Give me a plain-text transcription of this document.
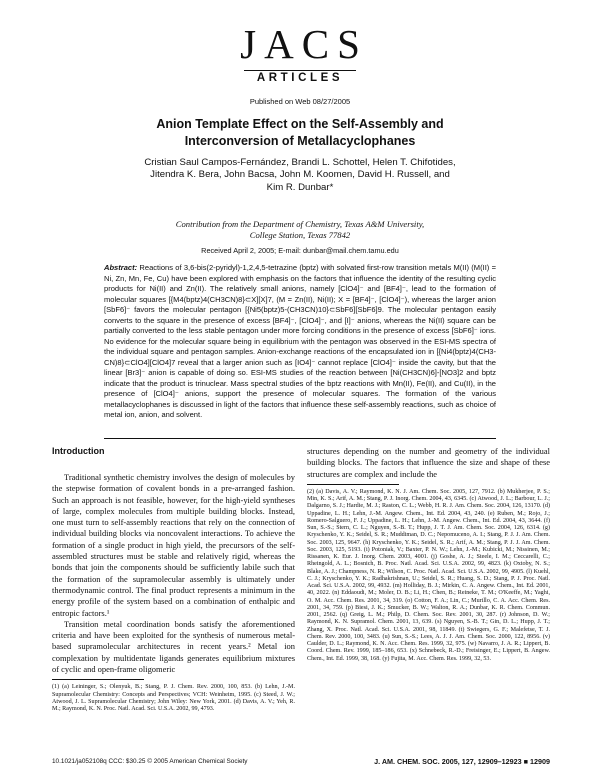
J A C S
ARTICLES
Published on Web 08/27/2005
Anion Template Effect on the Self-Assembly and
Interconversion of Metallacyclophanes
Cristian Saul Campos-Fernández, Brandi L. Schottel, Helen T. Chifotides,
Jitendra K. Bera, John Bacsa, John M. Koomen, David H. Russell, and
Kim R. Dunbar*
Contribution from the Department of Chemistry, Texas A&M University,
College Station, Texas 77842
Received April 2, 2005; E-mail: dunbar@mail.chem.tamu.edu
Abstract: Reactions of 3,6-bis(2-pyridyl)-1,2,4,5-tetrazine (bptz) with solvated first-row transition metals M(II) (M(II) = Ni, Zn, Mn, Fe, Cu) have been explored with emphasis on the factors that influence the identity of the resulting cyclic products for Ni(II) and Zn(II). The relatively small anions, namely [ClO4]⁻ and [BF4]⁻, lead to the formation of molecular squares [{M4(bptz)4(CH3CN)8}⊂X][X]7, (M = Zn(II), Ni(II); X = [BF4]⁻, [ClO4]⁻), whereas the larger anion [SbF6]⁻ favors the molecular pentagon [{Ni5(bptz)5-(CH3CN)10}⊂SbF6][SbF6]9. The molecular pentagon easily converts to the square in the presence of excess [BF4]⁻, [ClO4]⁻, and [I]⁻ anions, whereas the Ni(II) square can be partially converted to the less stable pentagon under more forcing conditions in the presence of excess [SbF6]⁻ ions. No evidence for the molecular square being in equilibrium with the pentagon was observed in the ESI-MS spectra of the individual square and pentagon samples. Anion-exchange reactions of the encapsulated ion in [{Ni4(bptz)4(CH3-CN)8}⊂ClO4][ClO4]7 reveal that a larger anion such as [IO4]⁻ cannot replace [ClO4]⁻ inside the cavity, but that the linear [Br3]⁻ anion is capable of doing so. ESI-MS studies of the reaction between [Ni(CH3CN)6]-[NO3]2 and bptz indicate that the product is trinuclear. Mass spectral studies of the bptz reactions with Mn(II), Fe(II), and Cu(II), in the presence of [ClO4]⁻ anions, support the presence of molecular squares. The formation of the various metallacyclophanes is discussed in light of the factors that influence these self-assembly reactions, such as choice of metal ion, anion, and solvent.
Introduction

Traditional synthetic chemistry involves the design of molecules by the stepwise formation of covalent bonds in a pre-arranged fashion. Such an approach is not feasible, however, for the high-yield syntheses of large, complex molecules from multiple building blocks. Instead, one must turn to self-assembly reactions that rely on the connection of individual building blocks via noncovalent interactions. To achieve the formation of a single product in high yield, the precursors of the self-assembled structures must be stable and relatively rigid, whereas the bonds that join the components should be sufficiently labile such that the formation of the supramolecular assembly is ultimately under thermodynamic control. The final product represents a minimum in the energy profile of the system based on a combination of enthalpic and entropic factors.¹

Transition metal coordination bonds satisfy the aforementioned criteria and have been exploited for the synthesis of numerous metal-based supramolecular architectures in recent years.² Metal ion complexation by multidentate ligands generates equilibrium mixtures of cyclic and open-frame oligomeric

(1) (a) Leininger, S.; Olenyuk, B.; Stang, P. J. Chem. Rev. 2000, 100, 853. (b) Lehn, J.-M. Supramolecular Chemistry: Concepts and Perspectives; VCH: Weinheim, 1995. (c) Steed, J. W.; Atwood, J. L. Supramolecular Chemistry; John Wiley: New York, 2001. (d) Davis, A. V.; Yeh, R. M.; Raymond, K. N. Proc. Natl. Acad. Sci. U.S.A. 2002, 99, 4793.

structures depending on the number and geometry of the individual building blocks. The factors that influence the size and shape of these structures are complex and include the

(2) (a) Davis, A. V.; Raymond, K. N. J. Am. Chem. Soc. 2005, 127, 7912. (b) Mukherjee, P. S.; Min, K. S.; Arif, A. M.; Stang, P. J. Inorg. Chem. 2004, 43, 6345. (c) Atwood, J. L.; Barbour, L. J.; Dalgarno, S. J.; Hardie, M. J.; Raston, C. L.; Webb, H. R. J. Am. Chem. Soc. 2004, 126, 13170. (d) Uppadine, L. H.; Lehn, J.-M. Angew. Chem., Int. Ed. 2004, 43, 240. (e) Ruben, M.; Rojo, J.; Romero-Salguero, F. J.; Uppadine, L. H.; Lehn, J.-M. Angew. Chem., Int. Ed. 2004, 43, 3644. (f) Sun, S.-S.; Stern, C. L.; Nguyen, S.-B. T.; Hupp, J. T. J. Am. Chem. Soc. 2004, 126, 6314. (g) Kryschenko, Y. K.; Seidel, S. R.; Muddiman, D. C.; Nepomuceno, A. I.; Stang, P. J. J. Am. Chem. Soc. 2003, 125, 9647. (h) Kryschenko, Y. K.; Seidel, S. R.; Arif, A. M.; Stang, P. J. J. Am. Chem. Soc. 2003, 125, 5193. (i) Potoniak, V.; Baxter, P. N. W.; Lehn, J.-M.; Kubicki, M.; Nissinen, M.; Rissanen, K. Eur. J. Inorg. Chem. 2003, 4001. (j) Goshe, A. J.; Steele, I. M.; Ceccarelli, C.; Rheingold, A. L.; Bosnich, B. Proc. Natl. Acad. Sci. U.S.A. 2002, 99, 4823. (k) Oxtoby, N. S.; Blake, A. J.; Champness, N. R.; Wilson, C. Proc. Natl. Acad. Sci. U.S.A. 2002, 99, 4905. (l) Kuehl, C. J.; Kryschenko, Y. K.; Radhakrishnan, U.; Seidel, S. R.; Huang, S. D.; Stang, P. J. Proc. Natl. Acad. Sci. U.S.A. 2002, 99, 4932. (m) Holliday, B. J.; Mirkin, C. A. Angew. Chem., Int. Ed. 2001, 40, 2022. (n) Eddaoudi, M.; Moler, D. B.; Li, H.; Chen, B.; Reineke, T. M.; O'Keeffe, M.; Yaghi, O. M. Acc. Chem. Res. 2001, 34, 319. (o) Cotton, F. A.; Lin, C.; Murillo, C. A. Acc. Chem. Res. 2001, 34, 759. (p) Biesi, J. K.; Smucker, B. W.; Walton, R. A.; Dunbar, K. R. Chem. Commun. 2001, 2562. (q) Greig, L. M.; Philp, D. Chem. Soc. Rev. 2001, 30, 287. (r) Johnson, D. W.; Raymond, K. N. Supramol. Chem. 2001, 13, 639. (s) Nguyen, S.-B. T.; Gin, D. L.; Hupp, J. T.; Zhang, X. Proc. Natl. Acad. Sci. U.S.A. 2001, 98, 11849. (t) Swiegers, G. F.; Malefetse, T. J. Chem. Rev. 2000, 100, 3483. (u) Sun, S.-S.; Lees, A. J. J. Am. Chem. Soc. 2000, 122, 8956. (v) Caulder, D. L.; Raymond, K. N. Acc. Chem. Res. 1999, 32, 975. (w) Navarro, J. A. R.; Lippert, B. Coord. Chem. Rev. 1999, 185–186, 653. (x) Schnebeck, R.-D.; Freisinger, E.; Lippert, B. Angew. Chem., Int. Ed. 1999, 38, 168. (y) Fujita, M. Acc. Chem. Res. 1999, 32, 53.

10.1021/ja052108q CCC: $30.25 © 2005 American Chemical Society	J. AM. CHEM. SOC. 2005, 127, 12909–12923 ■ 12909
